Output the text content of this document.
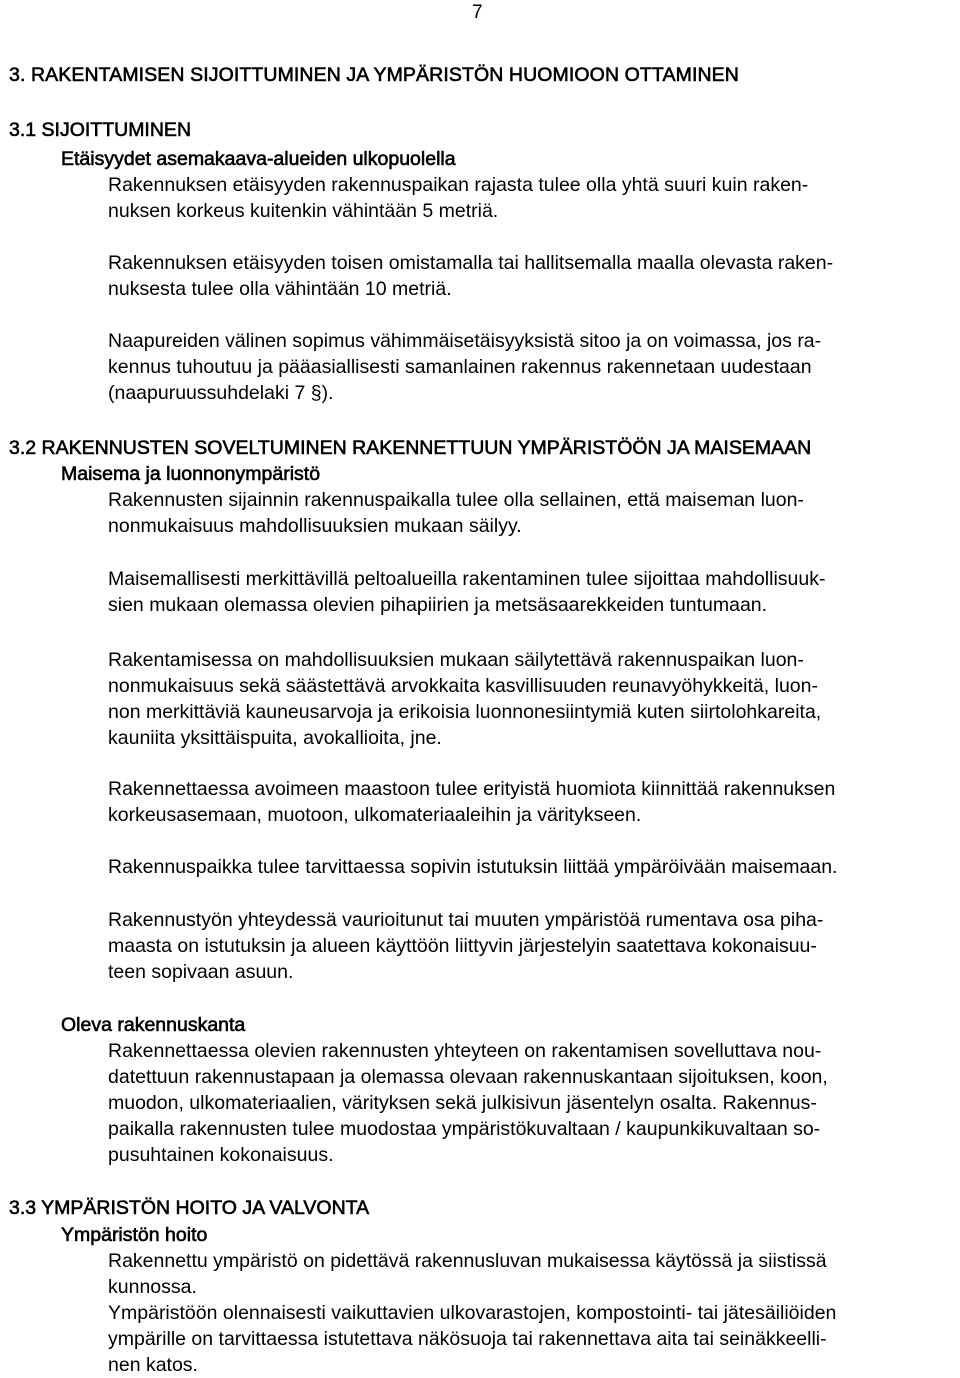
7
3. RAKENTAMISEN SIJOITTUMINEN JA YMPÄRISTÖN HUOMIOON OTTAMINEN
3.1 SIJOITTUMINEN
Etäisyydet asemakaava-alueiden ulkopuolella
Rakennuksen etäisyyden rakennuspaikan rajasta tulee olla yhtä suuri kuin raken-
nuksen korkeus kuitenkin vähintään 5 metriä.
Rakennuksen etäisyyden toisen omistamalla tai hallitsemalla maalla olevasta raken-
nuksesta tulee olla vähintään 10 metriä.
Naapureiden välinen sopimus vähimmäisetäisyyksistä sitoo ja on voimassa, jos ra-
kennus tuhoutuu ja pääasiallisesti samanlainen rakennus rakennetaan uudestaan
(naapuruussuhdelaki 7 §).
3.2 RAKENNUSTEN SOVELTUMINEN RAKENNETTUUN YMPÄRISTÖÖN JA MAISEMAAN
Maisema ja luonnonympäristö
Rakennusten sijainnin rakennuspaikalla tulee olla sellainen, että maiseman luon-
nonmukaisuus mahdollisuuksien mukaan säilyy.
Maisemallisesti merkittävillä peltoalueilla rakentaminen tulee sijoittaa mahdollisuuk-
sien mukaan olemassa olevien pihapiirien ja metsäsaarekkeiden tuntumaan.
Rakentamisessa on mahdollisuuksien mukaan säilytettävä rakennuspaikan luon-
nonmukaisuus sekä säästettävä arvokkaita kasvillisuuden reunavyöhykkeitä, luon-
non merkittäviä kauneusarvoja ja erikoisia luonnonesiintymiä kuten siirtolohkareita,
kauniita yksittäispuita, avokallioita, jne.
Rakennettaessa avoimeen maastoon tulee erityistä huomiota kiinnittää rakennuksen
korkeusasemaan, muotoon, ulkomateriaaleihin ja väritykseen.
Rakennuspaikka tulee tarvittaessa sopivin istutuksin liittää ympäröivään maisemaan.
Rakennustyön yhteydessä vaurioitunut tai muuten ympäristöä rumentava osa piha-
maasta on istutuksin ja alueen käyttöön liittyvin järjestelyin saatettava kokonaisuu-
teen sopivaan asuun.
Oleva rakennuskanta
Rakennettaessa olevien rakennusten yhteyteen on rakentamisen sovelluttava nou-
datettuun rakennustapaan ja olemassa olevaan rakennuskantaan sijoituksen, koon,
muodon, ulkomateriaalien, värityksen sekä julkisivun jäsentelyn osalta. Rakennus-
paikalla rakennusten tulee muodostaa ympäristökuvaltaan / kaupunkikuvaltaan so-
pusuhtainen kokonaisuus.
3.3 YMPÄRISTÖN HOITO JA VALVONTA
Ympäristön hoito
Rakennettu ympäristö on pidettävä rakennusluvan mukaisessa käytössä ja siistissä
kunnossa.
Ympäristöön olennaisesti vaikuttavien ulkovarastojen, kompostointi- tai jätesäiliöiden
ympärille on tarvittaessa istutettava näkösuoja tai rakennettava aita tai seinäkkeelli-
nen katos.
